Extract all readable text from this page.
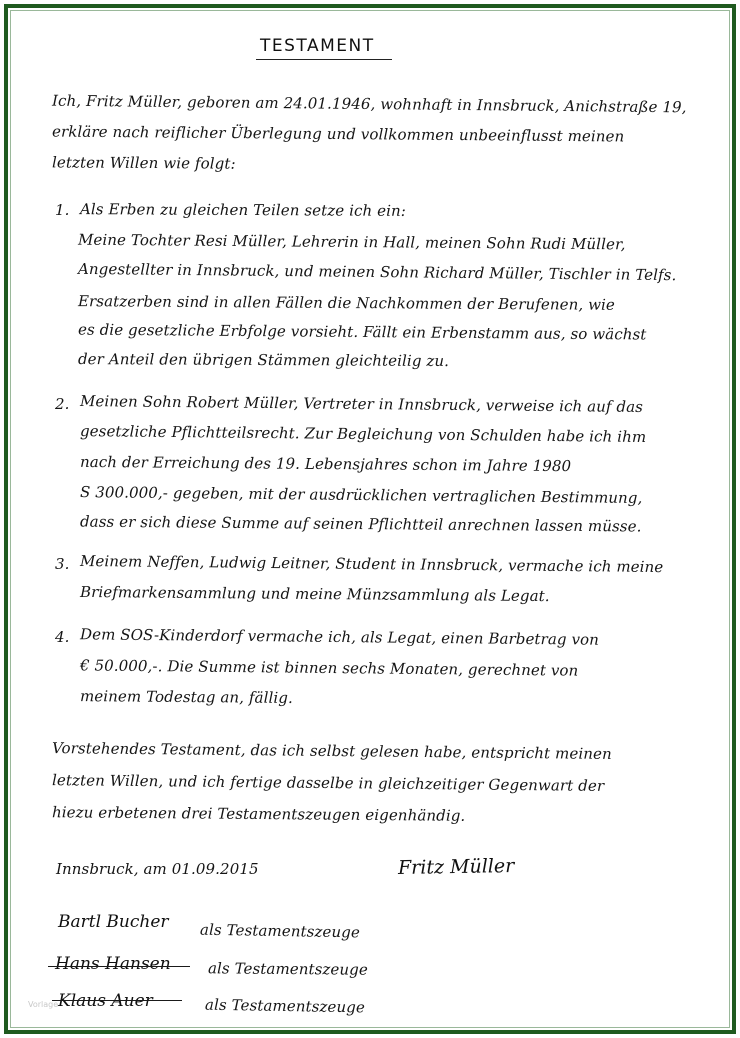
TESTAMENT
Ich, Fritz Müller, geboren am 24.01.1946, wohnhaft in Innsbruck, Anichstraße 19,
erkläre nach reiflicher Überlegung und vollkommen unbeeinflusst meinen
letzten Willen wie folgt:
1. Als Erben zu gleichen Teilen setze ich ein:
Meine Tochter Resi Müller, Lehrerin in Hall, meinen Sohn Rudi Müller,
Angestellter in Innsbruck, und meinen Sohn Richard Müller, Tischler in Telfs.
Ersatzerben sind in allen Fällen die Nachkommen der Berufenen, wie
es die gesetzliche Erbfolge vorsieht. Fällt ein Erbenstamm aus, so wächst
der Anteil den übrigen Stämmen gleichteilig zu.
2. Meinen Sohn Robert Müller, Vertreter in Innsbruck, verweise ich auf das
gesetzliche Pflichtteilsrecht. Zur Begleichung von Schulden habe ich ihm
nach der Erreichung des 19. Lebensjahres schon im Jahre 1980
S 300.000,- gegeben, mit der ausdrücklichen vertraglichen Bestimmung,
dass er sich diese Summe auf seinen Pflichtteil anrechnen lassen müsse.
3. Meinem Neffen, Ludwig Leitner, Student in Innsbruck, vermache ich meine
Briefmarkensammlung und meine Münzsammlung als Legat.
4. Dem SOS-Kinderdorf vermache ich, als Legat, einen Barbetrag von
€ 50.000,-. Die Summe ist binnen sechs Monaten, gerechnet von
meinem Todestag an, fällig.
Vorstehendes Testament, das ich selbst gelesen habe, entspricht meinen
letzten Willen, und ich fertige dasselbe in gleichzeitiger Gegenwart der
hiezu erbetenen drei Testamentszeugen eigenhändig.
Innsbruck, am 01.09.2015	Fritz Müller
Bartl Bucher als Testamentszeuge
Hans Hansen als Testamentszeuge
Klaus Auer	als Testamentszeuge
Vorlage
